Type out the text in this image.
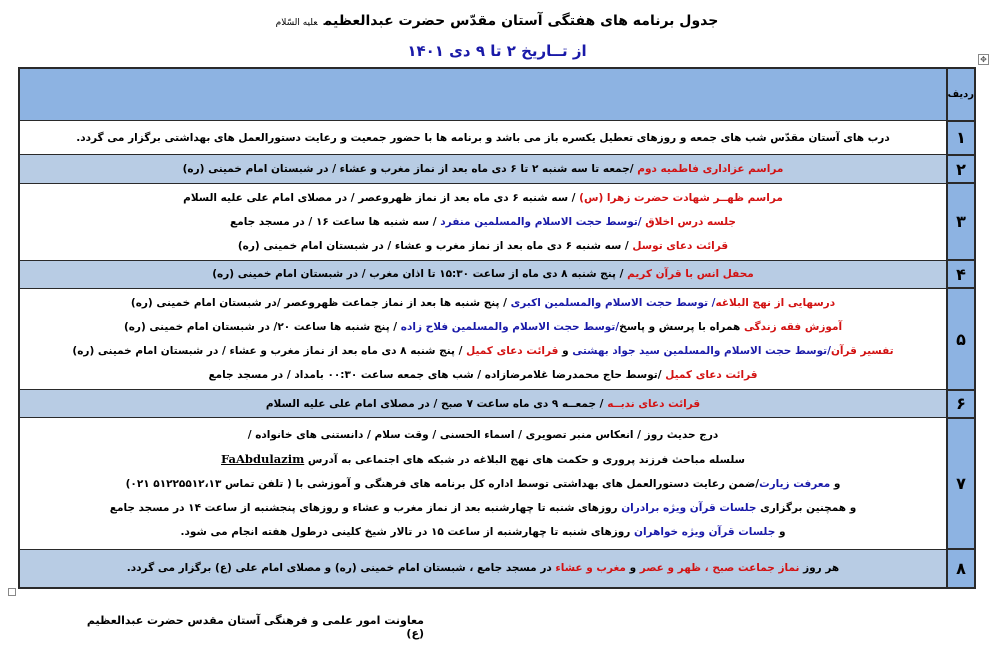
جدول برنامه های هفتگی آستان مقدّس حضرت عبدالعظیمعلیه السّلام
از تــاریخ ۲ تا ۹ دی ۱۴۰۱	✥
ردیف	
۱	درب های آستان مقدّس شب های جمعه و روزهای تعطیل یکسره باز می باشد و برنامه ها با حضور جمعیت و رعایت دستورالعمل های بهداشتی برگزار می گردد.

۲	مراسم عزاداری فاطمیه دوم /جمعه تا سه شنبه ۲ تا ۶ دی ماه بعد از نماز مغرب و عشاء / در شبستان امام خمینی (ره)

۳	مراسم ظهــر شهادت حضرت زهرا (س) / سه شنبه ۶ دی ماه بعد از نماز ظهروعصر / در مصلای امام علی علیه السلام
جلسه درس اخلاق /توسط حجت الاسلام والمسلمین منفرد / سه شنبه ها ساعت ۱۶ / در مسجد جامع
قرائت دعای توسل / سه شنبه ۶ دی ماه بعد از نماز مغرب و عشاء / در شبستان امام خمینی (ره)

۴	محفل انس با قرآن کریم / پنج شنبه ۸ دی ماه از ساعت ۱۵:۳۰ تا اذان مغرب / در شبستان امام خمینی (ره)

۵	درسهایی از نهج البلاغه/ توسط حجت الاسلام والمسلمین اکبری / پنج شنبه ها بعد از نماز جماعت ظهروعصر /در شبستان امام خمینی (ره)
آموزش فقه زندگی همراه با پرسش و پاسخ/توسط حجت الاسلام والمسلمین فلاح زاده / پنج شنبه ها ساعت ۲۰/ در شبستان امام خمینی (ره)
تفسیر قرآن/توسط حجت الاسلام والمسلمین سید جواد بهشتی و قرائت دعای کمیل / پنج شنبه ۸ دی ماه بعد از نماز مغرب و عشاء / در شبستان امام خمینی (ره)
قرائت دعای کمیل /توسط حاج محمدرضا غلامرضازاده / شب های جمعه ساعت ۰۰:۳۰ بامداد / در مسجد جامع

۶	قرائت دعای ندبــه / جمعــه ۹ دی ماه ساعت ۷ صبح / در مصلای امام علی علیه السلام

۷	درج حدیث روز / انعکاس منبر تصویری / اسماء الحسنی / وقت سلام / دانستنی های خانواده /
سلسله مباحث فرزند پروری و حکمت های نهج البلاغه در شبکه های اجتماعی به آدرس FaAbdulazim
و معرفت زیارت/ضمن رعایت دستورالعمل های بهداشتی توسط اداره کل برنامه های فرهنگی و آموزشی با ( تلفن تماس ۵۱۲۲۵۵۱۲،۱۳ ۰۲۱)
و همچنین برگزاری جلسات قرآن ویژه برادران روزهای شنبه تا چهارشنبه بعد از نماز مغرب و عشاء و روزهای پنجشنبه از ساعت ۱۴ در مسجد جامع
و جلسات قرآن ویژه خواهران روزهای شنبه تا چهارشنبه از ساعت ۱۵ در تالار شیخ کلینی درطول هفته انجام می شود.

۸	هر روز نماز جماعت صبح ، ظهر و عصر و مغرب و عشاء در مسجد جامع ، شبستان امام خمینی (ره) و مصلای امام علی (ع) برگزار می گردد.
معاونت امور علمی و فرهنگی آستان مقدس حضرت عبدالعظیم (ع)
